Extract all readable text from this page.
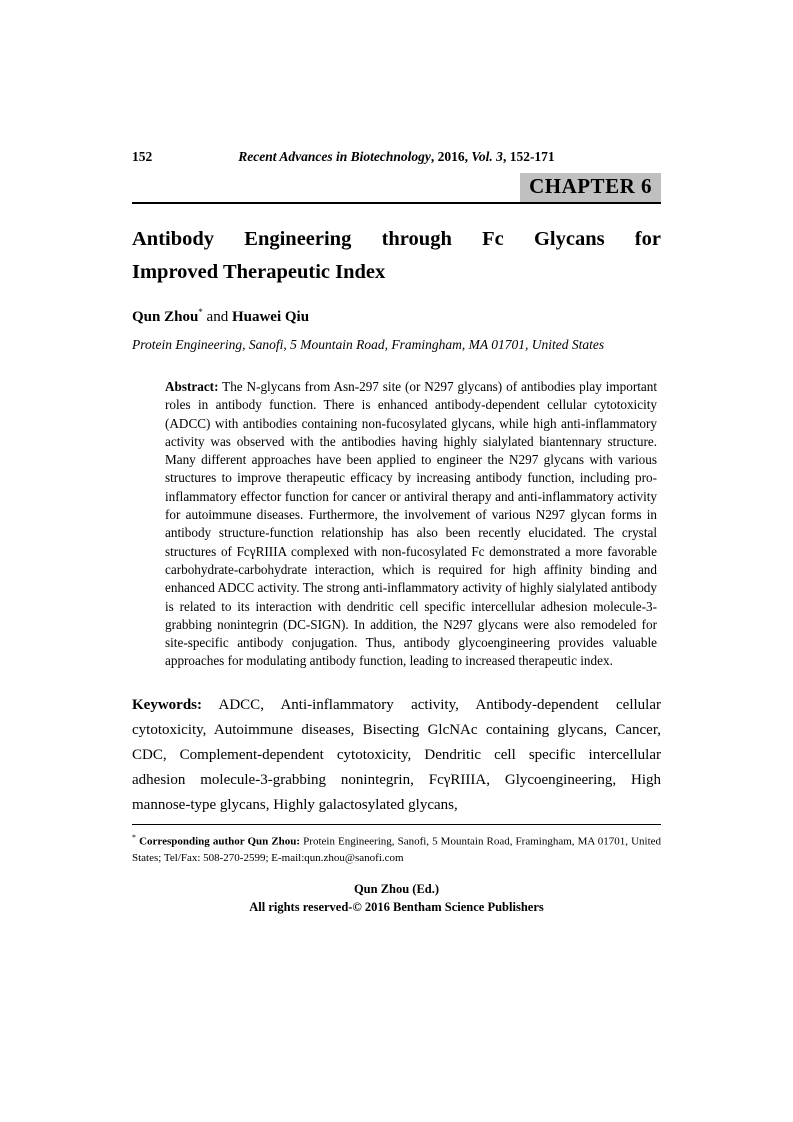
152	Recent Advances in Biotechnology, 2016, Vol. 3, 152-171
CHAPTER 6
Antibody Engineering through Fc Glycans for
Improved Therapeutic Index

Qun Zhou* and Huawei Qiu

Protein Engineering, Sanofi, 5 Mountain Road, Framingham, MA 01701, United States

Abstract: The N-glycans from Asn-297 site (or N297 glycans) of antibodies play important roles in antibody function. There is enhanced antibody-dependent cellular cytotoxicity (ADCC) with antibodies containing non-fucosylated glycans, while high anti-inflammatory activity was observed with the antibodies having highly sialylated biantennary structure. Many different approaches have been applied to engineer the N297 glycans with various structures to improve therapeutic efficacy by increasing antibody function, including pro-inflammatory effector function for cancer or antiviral therapy and anti-inflammatory activity for autoimmune diseases. Furthermore, the involvement of various N297 glycan forms in antibody structure-function relationship has also been recently elucidated. The crystal structures of FcγRIIIA complexed with non-fucosylated Fc demonstrated a more favorable carbohydrate-carbohydrate interaction, which is required for high affinity binding and enhanced ADCC activity. The strong anti-inflammatory activity of highly sialylated antibody is related to its interaction with dendritic cell specific intercellular adhesion molecule-3-grabbing nonintegrin (DC-SIGN). In addition, the N297 glycans were also remodeled for site-specific antibody conjugation. Thus, antibody glycoengineering provides valuable approaches for modulating antibody function, leading to increased therapeutic index.

Keywords: ADCC, Anti-inflammatory activity, Antibody-dependent cellular cytotoxicity, Autoimmune diseases, Bisecting GlcNAc containing glycans, Cancer, CDC, Complement-dependent cytotoxicity, Dendritic cell specific intercellular adhesion molecule-3-grabbing nonintegrin, FcγRIIIA, Glycoengineering, High mannose-type glycans, Highly galactosylated glycans,

* Corresponding author Qun Zhou: Protein Engineering, Sanofi, 5 Mountain Road, Framingham, MA 01701, United States; Tel/Fax: 508-270-2599; E-mail:qun.zhou@sanofi.com

Qun Zhou (Ed.)
All rights reserved-© 2016 Bentham Science Publishers
